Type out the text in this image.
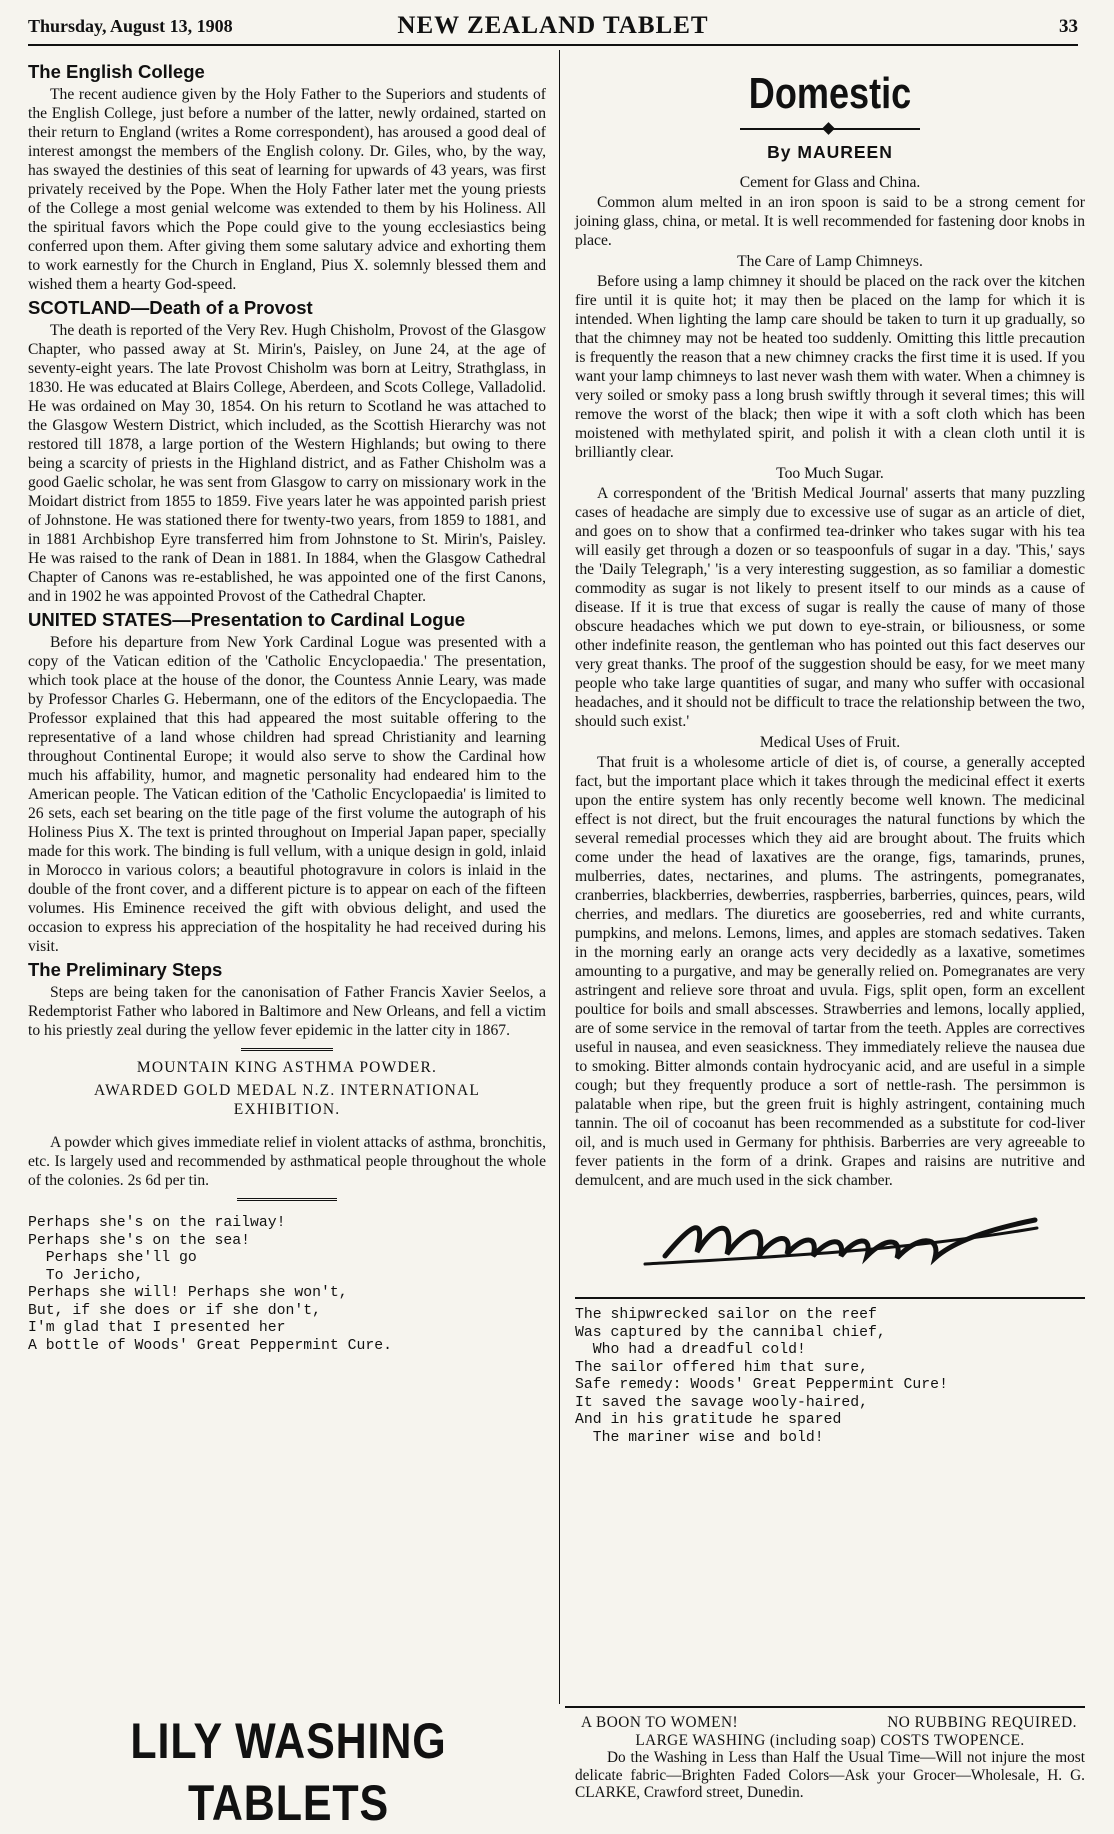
Thursday, August 13, 1908	NEW ZEALAND TABLET	33
The English College

The recent audience given by the Holy Father to the Superiors and students of the English College, just before a number of the latter, newly ordained, started on their return to England (writes a Rome correspondent), has aroused a good deal of interest amongst the members of the English colony. Dr. Giles, who, by the way, has swayed the destinies of this seat of learning for upwards of 43 years, was first privately received by the Pope. When the Holy Father later met the young priests of the College a most genial welcome was extended to them by his Holiness. All the spiritual favors which the Pope could give to the young ecclesiastics being conferred upon them. After giving them some salutary advice and exhorting them to work earnestly for the Church in England, Pius X. solemnly blessed them and wished them a hearty God-speed.

SCOTLAND—Death of a Provost

The death is reported of the Very Rev. Hugh Chisholm, Provost of the Glasgow Chapter, who passed away at St. Mirin's, Paisley, on June 24, at the age of seventy-eight years. The late Provost Chisholm was born at Leitry, Strathglass, in 1830. He was educated at Blairs College, Aberdeen, and Scots College, Valladolid. He was ordained on May 30, 1854. On his return to Scotland he was attached to the Glasgow Western District, which included, as the Scottish Hierarchy was not restored till 1878, a large portion of the Western Highlands; but owing to there being a scarcity of priests in the Highland district, and as Father Chisholm was a good Gaelic scholar, he was sent from Glasgow to carry on missionary work in the Moidart district from 1855 to 1859. Five years later he was appointed parish priest of Johnstone. He was stationed there for twenty-two years, from 1859 to 1881, and in 1881 Archbishop Eyre transferred him from Johnstone to St. Mirin's, Paisley. He was raised to the rank of Dean in 1881. In 1884, when the Glasgow Cathedral Chapter of Canons was re-established, he was appointed one of the first Canons, and in 1902 he was appointed Provost of the Cathedral Chapter.

UNITED STATES—Presentation to Cardinal Logue

Before his departure from New York Cardinal Logue was presented with a copy of the Vatican edition of the 'Catholic Encyclopaedia.' The presentation, which took place at the house of the donor, the Countess Annie Leary, was made by Professor Charles G. Hebermann, one of the editors of the Encyclopaedia. The Professor explained that this had appeared the most suitable offering to the representative of a land whose children had spread Christianity and learning throughout Continental Europe; it would also serve to show the Cardinal how much his affability, humor, and magnetic personality had endeared him to the American people. The Vatican edition of the 'Catholic Encyclopaedia' is limited to 26 sets, each set bearing on the title page of the first volume the autograph of his Holiness Pius X. The text is printed throughout on Imperial Japan paper, specially made for this work. The binding is full vellum, with a unique design in gold, inlaid in Morocco in various colors; a beautiful photogravure in colors is inlaid in the double of the front cover, and a different picture is to appear on each of the fifteen volumes. His Eminence received the gift with obvious delight, and used the occasion to express his appreciation of the hospitality he had received during his visit.

The Preliminary Steps

Steps are being taken for the canonisation of Father Francis Xavier Seelos, a Redemptorist Father who labored in Baltimore and New Orleans, and fell a victim to his priestly zeal during the yellow fever epidemic in the latter city in 1867.

MOUNTAIN KING ASTHMA POWDER.
AWARDED GOLD MEDAL N.Z. INTERNATIONAL
EXHIBITION.
A powder which gives immediate relief in violent attacks of asthma, bronchitis, etc. Is largely used and recommended by asthmatical people throughout the whole of the colonies. 2s 6d per tin.
Perhaps she's on the railway!
Perhaps she's on the sea!
Perhaps she'll go
To Jericho,
Perhaps she will! Perhaps she won't,
But, if she does or if she don't,
I'm glad that I presented her
A bottle of Woods' Great Peppermint Cure.
Domestic
By MAUREEN
Cement for Glass and China.

Common alum melted in an iron spoon is said to be a strong cement for joining glass, china, or metal. It is well recommended for fastening door knobs in place.

The Care of Lamp Chimneys.

Before using a lamp chimney it should be placed on the rack over the kitchen fire until it is quite hot; it may then be placed on the lamp for which it is intended. When lighting the lamp care should be taken to turn it up gradually, so that the chimney may not be heated too suddenly. Omitting this little precaution is frequently the reason that a new chimney cracks the first time it is used. If you want your lamp chimneys to last never wash them with water. When a chimney is very soiled or smoky pass a long brush swiftly through it several times; this will remove the worst of the black; then wipe it with a soft cloth which has been moistened with methylated spirit, and polish it with a clean cloth until it is brilliantly clear.

Too Much Sugar.

A correspondent of the 'British Medical Journal' asserts that many puzzling cases of headache are simply due to excessive use of sugar as an article of diet, and goes on to show that a confirmed tea-drinker who takes sugar with his tea will easily get through a dozen or so teaspoonfuls of sugar in a day. 'This,' says the 'Daily Telegraph,' 'is a very interesting suggestion, as so familiar a domestic commodity as sugar is not likely to present itself to our minds as a cause of disease. If it is true that excess of sugar is really the cause of many of those obscure headaches which we put down to eye-strain, or biliousness, or some other indefinite reason, the gentleman who has pointed out this fact deserves our very great thanks. The proof of the suggestion should be easy, for we meet many people who take large quantities of sugar, and many who suffer with occasional headaches, and it should not be difficult to trace the relationship between the two, should such exist.'

Medical Uses of Fruit.

That fruit is a wholesome article of diet is, of course, a generally accepted fact, but the important place which it takes through the medicinal effect it exerts upon the entire system has only recently become well known. The medicinal effect is not direct, but the fruit encourages the natural functions by which the several remedial processes which they aid are brought about. The fruits which come under the head of laxatives are the orange, figs, tamarinds, prunes, mulberries, dates, nectarines, and plums. The astringents, pomegranates, cranberries, blackberries, dewberries, raspberries, barberries, quinces, pears, wild cherries, and medlars. The diuretics are gooseberries, red and white currants, pumpkins, and melons. Lemons, limes, and apples are stomach sedatives. Taken in the morning early an orange acts very decidedly as a laxative, sometimes amounting to a purgative, and may be generally relied on. Pomegranates are very astringent and relieve sore throat and uvula. Figs, split open, form an excellent poultice for boils and small abscesses. Strawberries and lemons, locally applied, are of some service in the removal of tartar from the teeth. Apples are correctives useful in nausea, and even seasickness. They immediately relieve the nausea due to smoking. Bitter almonds contain hydrocyanic acid, and are useful in a simple cough; but they frequently produce a sort of nettle-rash. The persimmon is palatable when ripe, but the green fruit is highly astringent, containing much tannin. The oil of cocoanut has been recommended as a substitute for cod-liver oil, and is much used in Germany for phthisis. Barberries are very agreeable to fever patients in the form of a drink. Grapes and raisins are nutritive and demulcent, and are much used in the sick chamber.

The shipwrecked sailor on the reef
Was captured by the cannibal chief,
Who had a dreadful cold!
The sailor offered him that sure,
Safe remedy: Woods' Great Peppermint Cure!
It saved the savage wooly-haired,
And in his gratitude he spared
The mariner wise and bold!
LILY WASHING TABLETS
A BOON TO WOMEN!	NO RUBBING REQUIRED.
LARGE WASHING (including soap) COSTS TWOPENCE.
Do the Washing in Less than Half the Usual Time—Will not injure the most delicate fabric—Brighten Faded Colors—Ask your Grocer—Wholesale, H. G. CLARKE, Crawford street, Dunedin.
